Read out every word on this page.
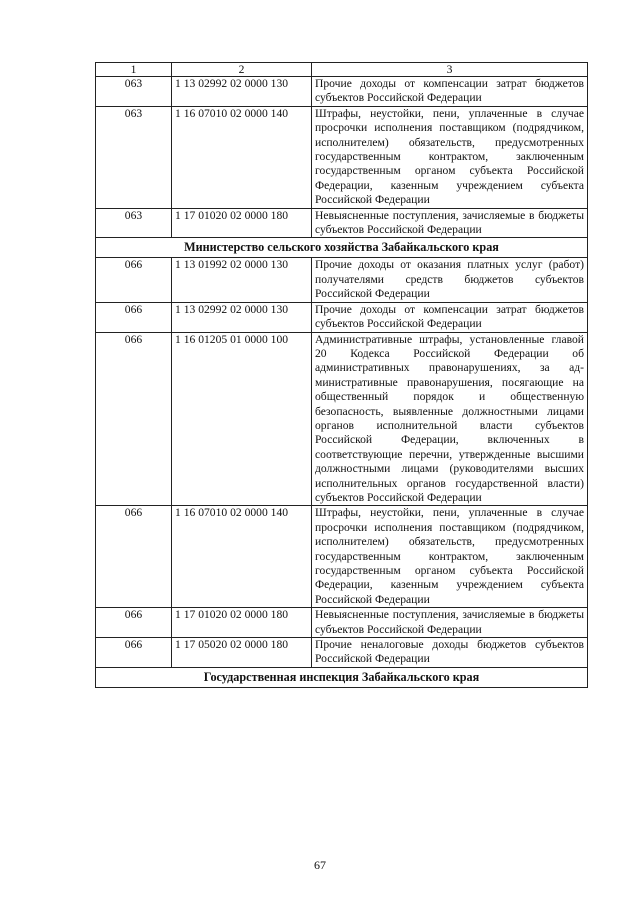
1	2	3
063	1 13 02992 02 0000 130	Прочие доходы от компенсации затрат бюджетов субъектов Российской Федерации
063	1 16 07010 02 0000 140	Штрафы, неустойки, пени, уплаченные в случае просрочки исполнения поставщиком (подрядчиком, исполнителем) обязательств, предусмотренных государственным контрактом, заключенным государственным органом субъекта Российской Федерации, казенным учреждением субъекта Российской Федерации
063	1 17 01020 02 0000 180	Невыясненные поступления, зачисляемые в бюджеты субъектов Российской Федерации
Министерство сельского хозяйства Забайкальского края		
066	1 13 01992 02 0000 130	Прочие доходы от оказания платных услуг (работ) получателями средств бюджетов субъектов Российской Федерации
066	1 13 02992 02 0000 130	Прочие доходы от компенсации затрат бюджетов субъектов Российской Федерации
066	1 16 01205 01 0000 100	Административные штрафы, установленные главой 20 Кодекса Российской Федерации об административных правонарушениях, за административные правонарушения, посягающие на общественный порядок и общественную безопасность, выявленные должностными лицами органов исполнительной власти субъектов Российской Федерации, включенных в соответствующие перечни, утвержденные высшими должностными лицами (руководителями высших исполнительных органов государственной власти) субъектов Российской Федерации
066	1 16 07010 02 0000 140	Штрафы, неустойки, пени, уплаченные в случае просрочки исполнения поставщиком (подрядчиком, исполнителем) обязательств, предусмотренных государственным контрактом, заключенным государственным органом субъекта Российской Федерации, казенным учреждением субъекта Российской Федерации
066	1 17 01020 02 0000 180	Невыясненные поступления, зачисляемые в бюджеты субъектов Российской Федерации
066	1 17 05020 02 0000 180	Прочие неналоговые доходы бюджетов субъектов Российской Федерации
Государственная инспекция Забайкальского края		
67
